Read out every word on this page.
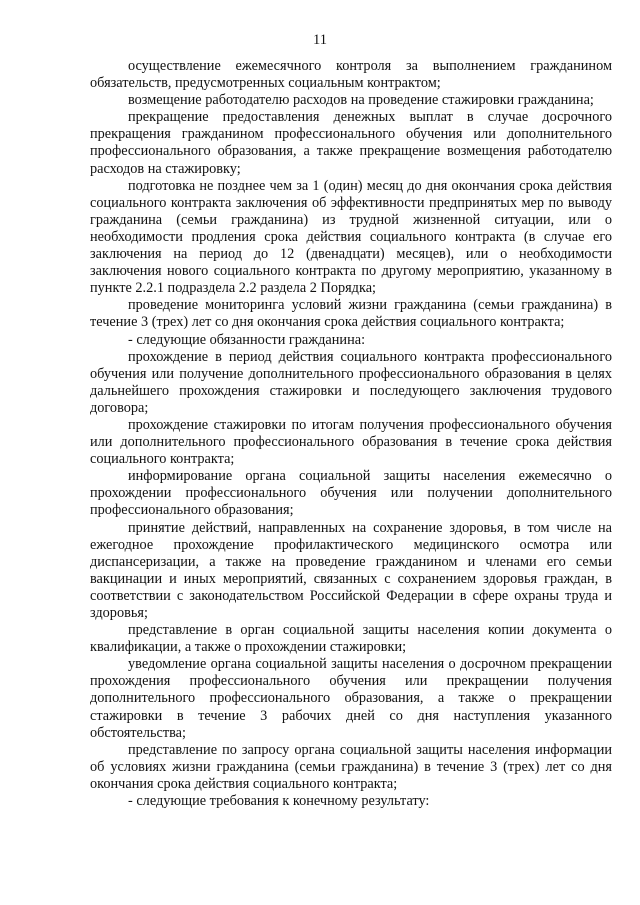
11

осуществление ежемесячного контроля за выполнением гражданином обязательств, предусмотренных социальным контрактом;

возмещение работодателю расходов на проведение стажировки гражданина;

прекращение предоставления денежных выплат в случае досрочного прекращения гражданином профессионального обучения или дополнительного профессионального образования, а также прекращение возмещения работодателю расходов на стажировку;

подготовка не позднее чем за 1 (один) месяц до дня окончания срока действия социального контракта заключения об эффективности предпринятых мер по выводу гражданина (семьи гражданина) из трудной жизненной ситуации, или о необходимости продления срока действия социального контракта (в случае его заключения на период до 12 (двенадцати) месяцев), или о необходимости заключения нового социального контракта по другому мероприятию, указанному в пункте 2.2.1 подраздела 2.2 раздела 2 Порядка;

проведение мониторинга условий жизни гражданина (семьи гражданина) в течение 3 (трех) лет со дня окончания срока действия социального контракта;

- следующие обязанности гражданина:

прохождение в период действия социального контракта профессионального обучения или получение дополнительного профессионального образования в целях дальнейшего прохождения стажировки и последующего заключения трудового договора;

прохождение стажировки по итогам получения профессионального обучения или дополнительного профессионального образования в течение срока действия социального контракта;

информирование органа социальной защиты населения ежемесячно о прохождении профессионального обучения или получении дополнительного профессионального образования;

принятие действий, направленных на сохранение здоровья, в том числе на ежегодное прохождение профилактического медицинского осмотра или диспансеризации, а также на проведение гражданином и членами его семьи вакцинации и иных мероприятий, связанных с сохранением здоровья граждан, в соответствии с законодательством Российской Федерации в сфере охраны труда и здоровья;

представление в орган социальной защиты населения копии документа о квалификации, а также о прохождении стажировки;

уведомление органа социальной защиты населения о досрочном прекращении прохождения профессионального обучения или прекращении получения дополнительного профессионального образования, а также о прекращении стажировки в течение 3 рабочих дней со дня наступления указанного обстоятельства;

представление по запросу органа социальной защиты населения информации об условиях жизни гражданина (семьи гражданина) в течение 3 (трех) лет со дня окончания срока действия социального контракта;

- следующие требования к конечному результату:
